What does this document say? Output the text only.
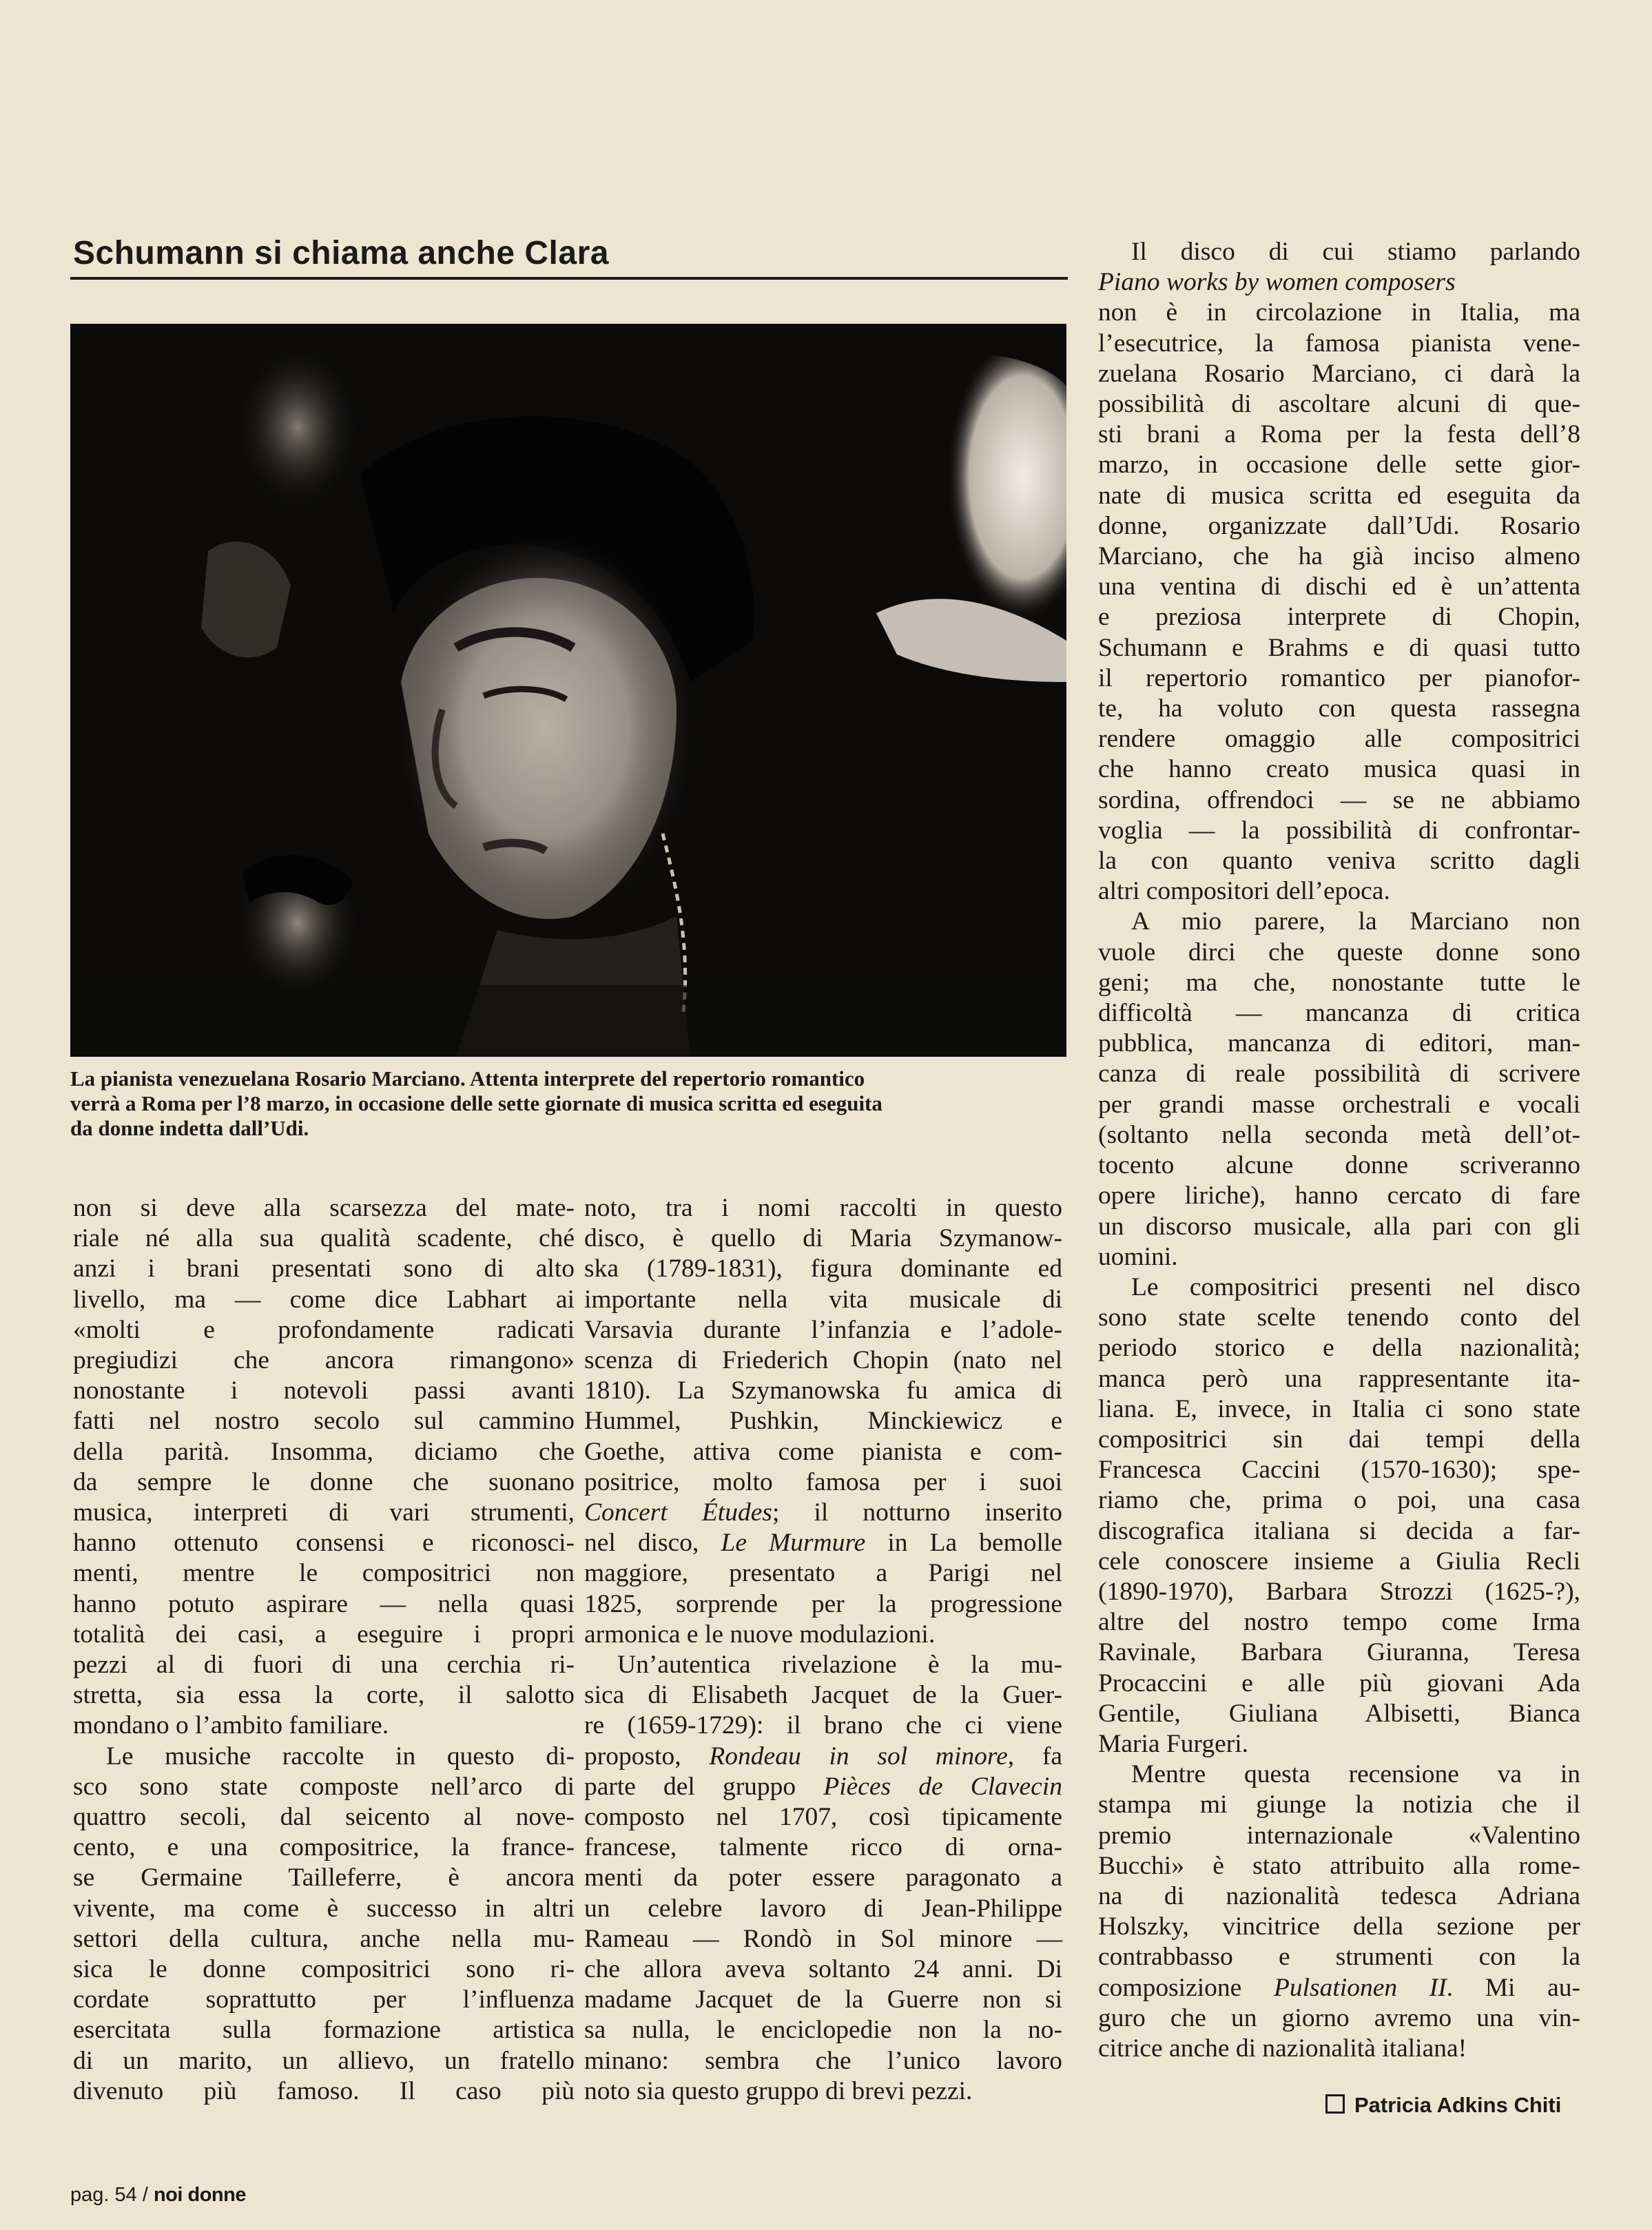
Schumann si chiama anche Clara

La pianista venezuelana Rosario Marciano. Attenta interprete del repertorio romantico

verrà a Roma per l’8 marzo, in occasione delle sette giornate di musica scritta ed eseguita

da donne indetta dall’Udi.

non si deve alla scarsezza del mate-
riale né alla sua qualità scadente, ché
anzi i brani presentati sono di alto
livello, ma — come dice Labhart ai
«molti e profondamente radicati
pregiudizi che ancora rimangono»
nonostante i notevoli passi avanti
fatti nel nostro secolo sul cammino
della parità. Insomma, diciamo che
da sempre le donne che suonano
musica, interpreti di vari strumenti,
hanno ottenuto consensi e riconosci-
menti, mentre le compositrici non
hanno potuto aspirare — nella quasi
totalità dei casi, a eseguire i propri
pezzi al di fuori di una cerchia ri-
stretta, sia essa la corte, il salotto
mondano o l’ambito familiare.
Le musiche raccolte in questo di-
sco sono state composte nell’arco di
quattro secoli, dal seicento al nove-
cento, e una compositrice, la france-
se Germaine Tailleferre, è ancora
vivente, ma come è successo in altri
settori della cultura, anche nella mu-
sica le donne compositrici sono ri-
cordate soprattutto per l’influenza
esercitata sulla formazione artistica
di un marito, un allievo, un fratello
divenuto più famoso. Il caso più
noto, tra i nomi raccolti in questo
disco, è quello di Maria Szymanow-
ska (1789-1831), figura dominante ed
importante nella vita musicale di
Varsavia durante l’infanzia e l’adole-
scenza di Friederich Chopin (nato nel
1810). La Szymanowska fu amica di
Hummel, Pushkin, Minckiewicz e
Goethe, attiva come pianista e com-
positrice, molto famosa per i suoi
Concert Études; il notturno inserito
nel disco, Le Murmure in La bemolle
maggiore, presentato a Parigi nel
1825, sorprende per la progressione
armonica e le nuove modulazioni.
Un’autentica rivelazione è la mu-
sica di Elisabeth Jacquet de la Guer-
re (1659-1729): il brano che ci viene
proposto, Rondeau in sol minore, fa
parte del gruppo Pièces de Clavecin
composto nel 1707, così tipicamente
francese, talmente ricco di orna-
menti da poter essere paragonato a
un celebre lavoro di Jean-Philippe
Rameau — Rondò in Sol minore —
che allora aveva soltanto 24 anni. Di
madame Jacquet de la Guerre non si
sa nulla, le enciclopedie non la no-
minano: sembra che l’unico lavoro
noto sia questo gruppo di brevi pezzi.
Il disco di cui stiamo parlando
Piano works by women composers
non è in circolazione in Italia, ma
l’esecutrice, la famosa pianista vene-
zuelana Rosario Marciano, ci darà la
possibilità di ascoltare alcuni di que-
sti brani a Roma per la festa dell’8
marzo, in occasione delle sette gior-
nate di musica scritta ed eseguita da
donne, organizzate dall’Udi. Rosario
Marciano, che ha già inciso almeno
una ventina di dischi ed è un’attenta
e preziosa interprete di Chopin,
Schumann e Brahms e di quasi tutto
il repertorio romantico per pianofor-
te, ha voluto con questa rassegna
rendere omaggio alle compositrici
che hanno creato musica quasi in
sordina, offrendoci — se ne abbiamo
voglia — la possibilità di confrontar-
la con quanto veniva scritto dagli
altri compositori dell’epoca.
A mio parere, la Marciano non
vuole dirci che queste donne sono
geni; ma che, nonostante tutte le
difficoltà — mancanza di critica
pubblica, mancanza di editori, man-
canza di reale possibilità di scrivere
per grandi masse orchestrali e vocali
(soltanto nella seconda metà dell’ot-
tocento alcune donne scriveranno
opere liriche), hanno cercato di fare
un discorso musicale, alla pari con gli
uomini.
Le compositrici presenti nel disco
sono state scelte tenendo conto del
periodo storico e della nazionalità;
manca però una rappresentante ita-
liana. E, invece, in Italia ci sono state
compositrici sin dai tempi della
Francesca Caccini (1570-1630); spe-
riamo che, prima o poi, una casa
discografica italiana si decida a far-
cele conoscere insieme a Giulia Recli
(1890-1970), Barbara Strozzi (1625-?),
altre del nostro tempo come Irma
Ravinale, Barbara Giuranna, Teresa
Procaccini e alle più giovani Ada
Gentile, Giuliana Albisetti, Bianca
Maria Furgeri.
Mentre questa recensione va in
stampa mi giunge la notizia che il
premio internazionale «Valentino
Bucchi» è stato attribuito alla rome-
na di nazionalità tedesca Adriana
Holszky, vincitrice della sezione per
contrabbasso e strumenti con la
composizione Pulsationen II. Mi au-
guro che un giorno avremo una vin-
citrice anche di nazionalità italiana!
Patricia Adkins Chiti
pag. 54 / noi donne
